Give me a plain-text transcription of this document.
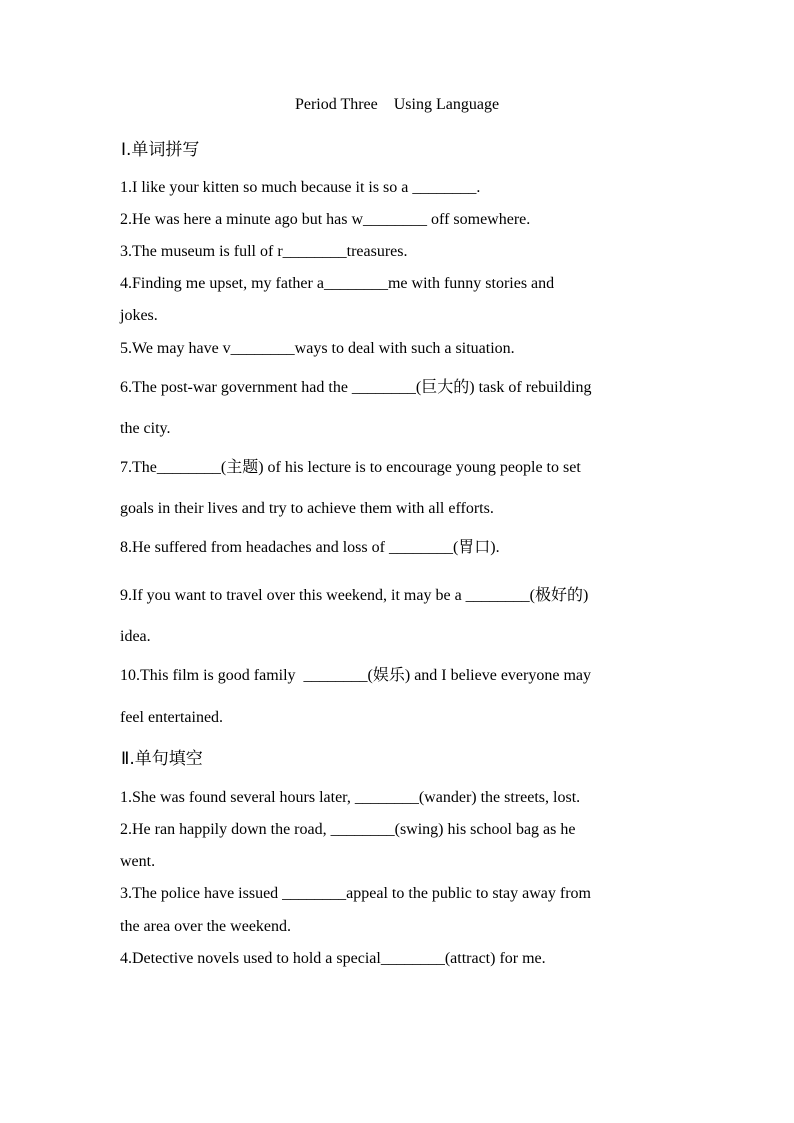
Period Three    Using Language
Ⅰ.单词拼写
1.I like your kitten so much because it is so a ________.
2.He was here a minute ago but has w________ off somewhere.
3.The museum is full of r________treasures.
4.Finding me upset, my father a________me with funny stories and
jokes.
5.We may have v________ways to deal with such a situation.
6.The post-war government had the ________(巨大的) task of rebuilding
the city.
7.The________(主题) of his lecture is to encourage young people to set
goals in their lives and try to achieve them with all efforts.
8.He suffered from headaches and loss of ________(胃口).
9.If you want to travel over this weekend, it may be a ________(极好的)
idea.
10.This film is good family  ________(娱乐) and I believe everyone may
feel entertained.
Ⅱ.单句填空
1.She was found several hours later, ________(wander) the streets, lost.
2.He ran happily down the road, ________(swing) his school bag as he
went.
3.The police have issued ________appeal to the public to stay away from
the area over the weekend.
4.Detective novels used to hold a special________(attract) for me.
